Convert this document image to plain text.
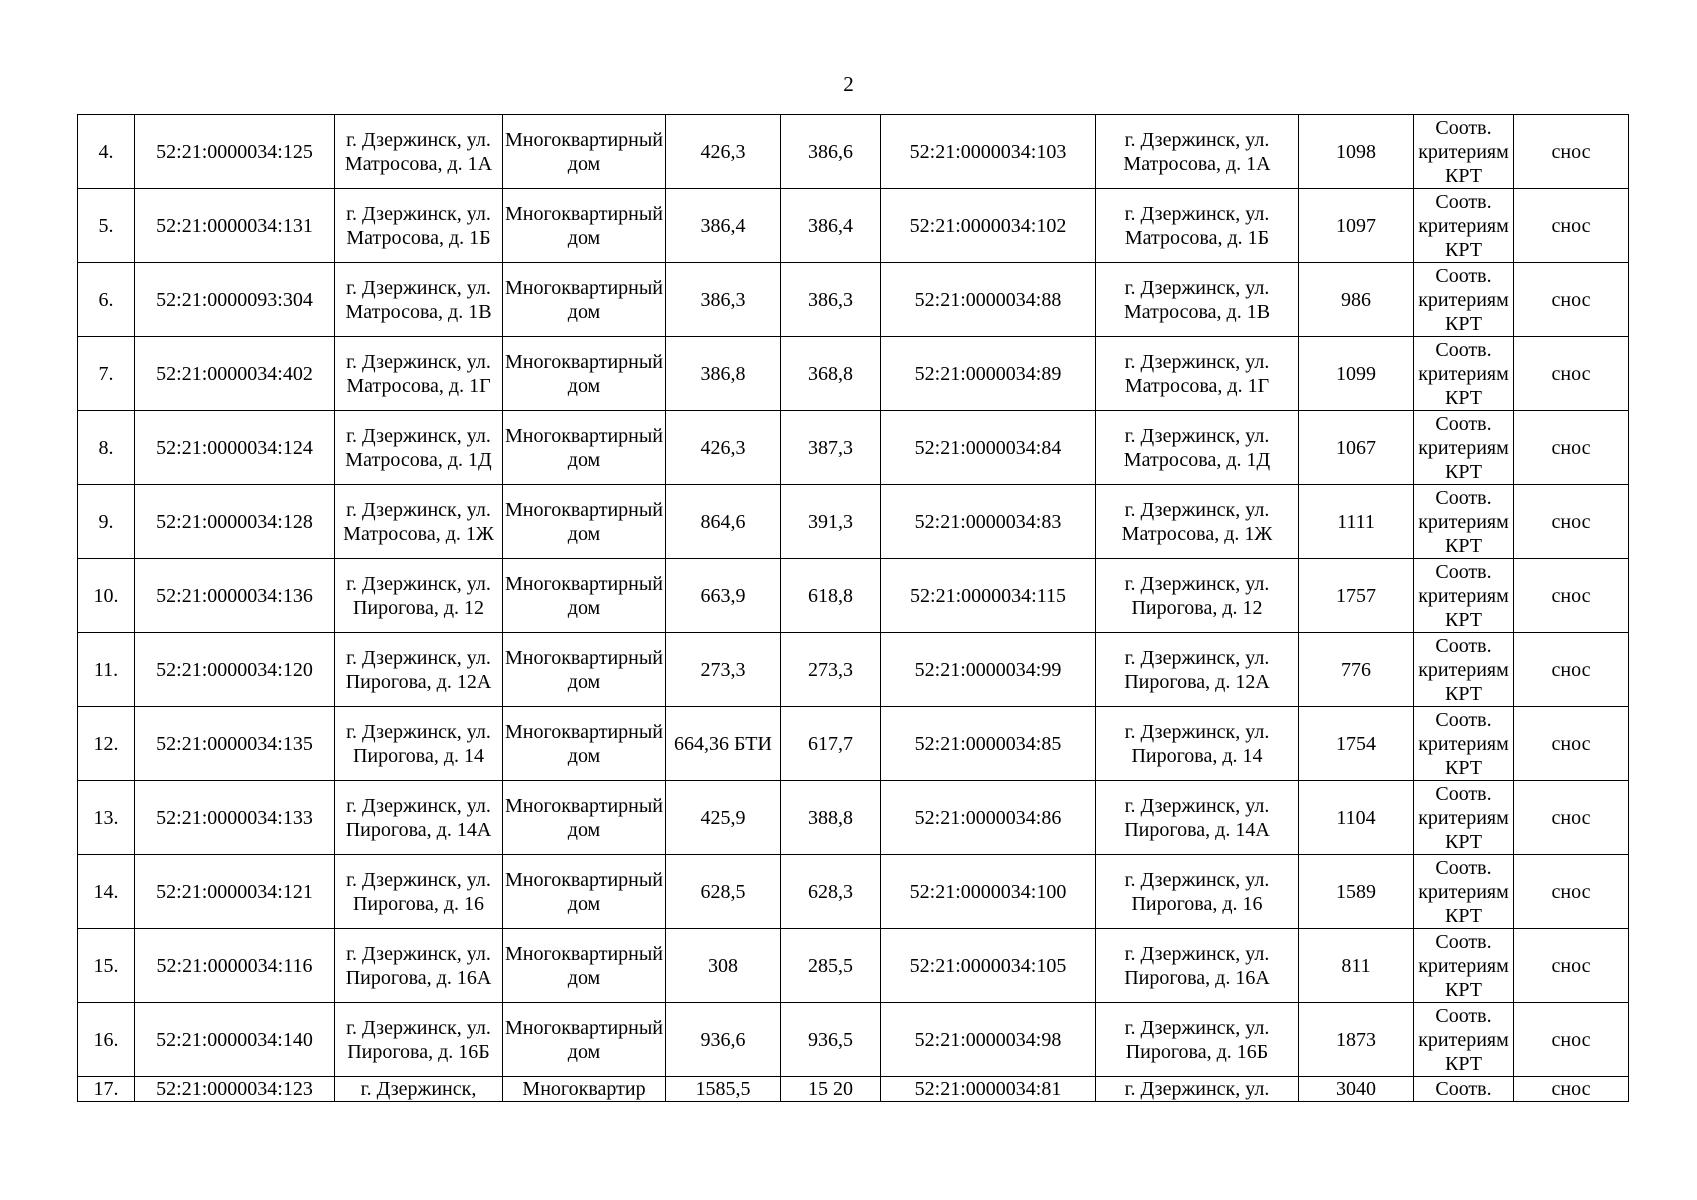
2
4.	52:21:0000034:125	г. Дзержинск, ул. Матросова, д. 1А	Многоквартирный дом	426,3	386,6	52:21:0000034:103	г. Дзержинск, ул. Матросова, д. 1А	1098	Соотв. критериям КРТ	снос
5.	52:21:0000034:131	г. Дзержинск, ул. Матросова, д. 1Б	Многоквартирный дом	386,4	386,4	52:21:0000034:102	г. Дзержинск, ул. Матросова, д. 1Б	1097	Соотв. критериям КРТ	снос
6.	52:21:0000093:304	г. Дзержинск, ул. Матросова, д. 1В	Многоквартирный дом	386,3	386,3	52:21:0000034:88	г. Дзержинск, ул. Матросова, д. 1В	986	Соотв. критериям КРТ	снос
7.	52:21:0000034:402	г. Дзержинск, ул. Матросова, д. 1Г	Многоквартирный дом	386,8	368,8	52:21:0000034:89	г. Дзержинск, ул. Матросова, д. 1Г	1099	Соотв. критериям КРТ	снос
8.	52:21:0000034:124	г. Дзержинск, ул. Матросова, д. 1Д	Многоквартирный дом	426,3	387,3	52:21:0000034:84	г. Дзержинск, ул. Матросова, д. 1Д	1067	Соотв. критериям КРТ	снос
9.	52:21:0000034:128	г. Дзержинск, ул. Матросова, д. 1Ж	Многоквартирный дом	864,6	391,3	52:21:0000034:83	г. Дзержинск, ул. Матросова, д. 1Ж	1111	Соотв. критериям КРТ	снос
10.	52:21:0000034:136	г. Дзержинск, ул. Пирогова, д. 12	Многоквартирный дом	663,9	618,8	52:21:0000034:115	г. Дзержинск, ул. Пирогова, д. 12	1757	Соотв. критериям КРТ	снос
11.	52:21:0000034:120	г. Дзержинск, ул. Пирогова, д. 12А	Многоквартирный дом	273,3	273,3	52:21:0000034:99	г. Дзержинск, ул. Пирогова, д. 12А	776	Соотв. критериям КРТ	снос
12.	52:21:0000034:135	г. Дзержинск, ул. Пирогова, д. 14	Многоквартирный дом	664,36 БТИ	617,7	52:21:0000034:85	г. Дзержинск, ул. Пирогова, д. 14	1754	Соотв. критериям КРТ	снос
13.	52:21:0000034:133	г. Дзержинск, ул. Пирогова, д. 14А	Многоквартирный дом	425,9	388,8	52:21:0000034:86	г. Дзержинск, ул. Пирогова, д. 14А	1104	Соотв. критериям КРТ	снос
14.	52:21:0000034:121	г. Дзержинск, ул. Пирогова, д. 16	Многоквартирный дом	628,5	628,3	52:21:0000034:100	г. Дзержинск, ул. Пирогова, д. 16	1589	Соотв. критериям КРТ	снос
15.	52:21:0000034:116	г. Дзержинск, ул. Пирогова, д. 16А	Многоквартирный дом	308	285,5	52:21:0000034:105	г. Дзержинск, ул. Пирогова, д. 16А	811	Соотв. критериям КРТ	снос
16.	52:21:0000034:140	г. Дзержинск, ул. Пирогова, д. 16Б	Многоквартирный дом	936,6	936,5	52:21:0000034:98	г. Дзержинск, ул. Пирогова, д. 16Б	1873	Соотв. критериям КРТ	снос
17.	52:21:0000034:123	г. Дзержинск,	Многоквартир	1585,5	15 20	52:21:0000034:81	г. Дзержинск, ул.	3040	Соотв.	снос
